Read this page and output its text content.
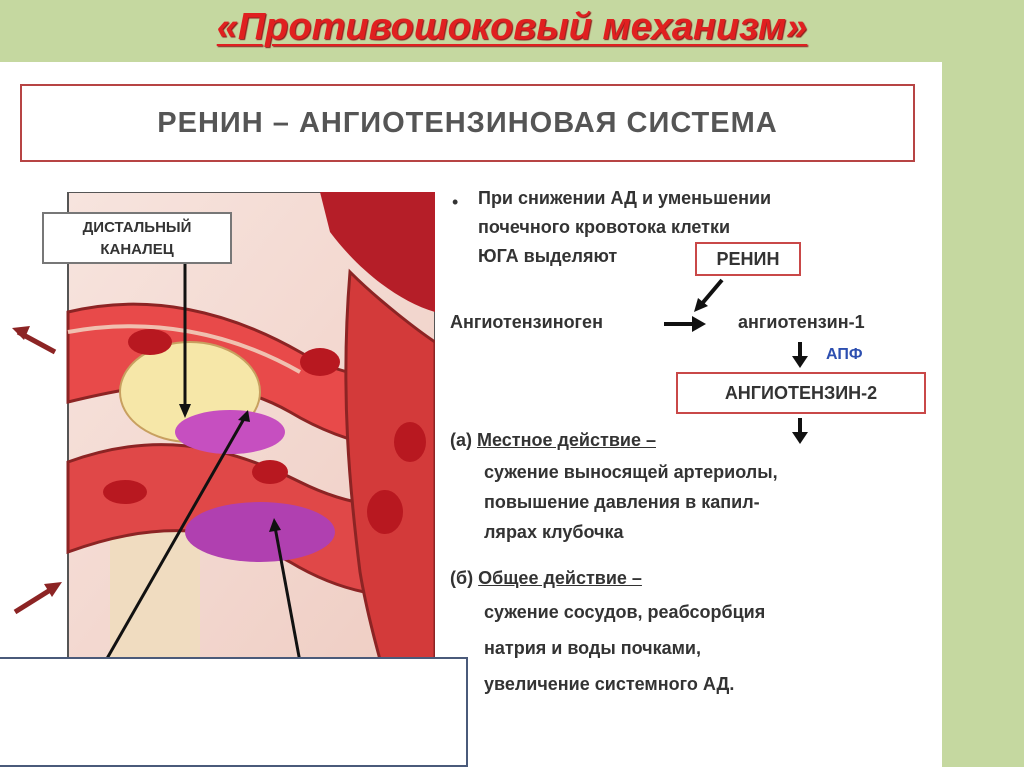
«Противошоковый механизм»
РЕНИН – АНГИОТЕНЗИНОВАЯ СИСТЕМА
ДИСТАЛЬНЫЙ
КАНАЛЕЦ
• При снижении АД и уменьшении
почечного кровотока клетки
ЮГА выделяют	РЕНИН
Ангиотензиноген	ангиотензин-1
АПФ
АНГИОТЕНЗИН-2
(а) Местное действие –
сужение выносящей артериолы,
повышение давления в капил-
лярах клубочка
(б) Общее действие –
сужение сосудов, реабсорбция
натрия и воды почками,
увеличение системного АД.
